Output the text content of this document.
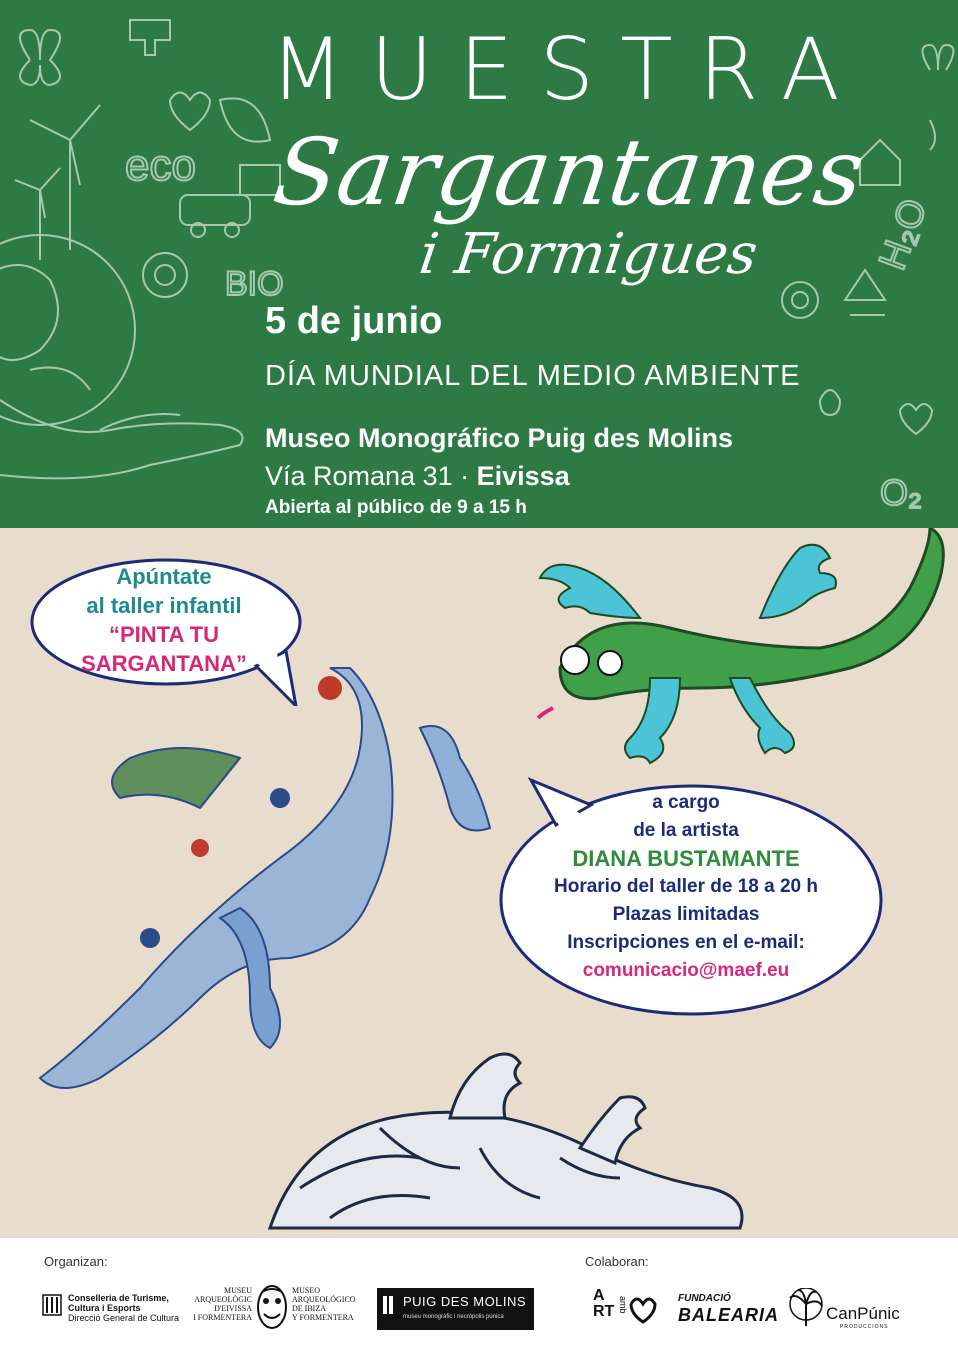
eco
BIO
H₂O
O₂
MUESTRA
Sargantanes
i Formigues
5 de junio
DÍA MUNDIAL DEL MEDIO AMBIENTE
Museo Monográfico Puig des Molins
Vía Romana 31 · Eivissa
Abierta al público de 9 a 15 h
Apúntate
al taller infantil
“PINTA TU
SARGANTANA”
a cargo
de la artista
DIANA BUSTAMANTE
Horario del taller de 18 a 20 h
Plazas limitadas
Inscripciones en el e-mail:
comunicacio@maef.eu
Organizan:	Colaboran:
Conselleria de Turisme,
Cultura i Esports
Direcció General de Cultura
MUSEU
ARQUEOLÒGIC
D'EIVISSA
I FORMENTERA
MUSEO
ARQUEOLÓGICO
DE IBIZA
Y FORMENTERA
PUIG DES MOLINS
museu monogràfic i necròpolis púnica
A
RT amb	FUNDACIÓ
BALEARIA	CanPúnic
PRODUCCIONS
